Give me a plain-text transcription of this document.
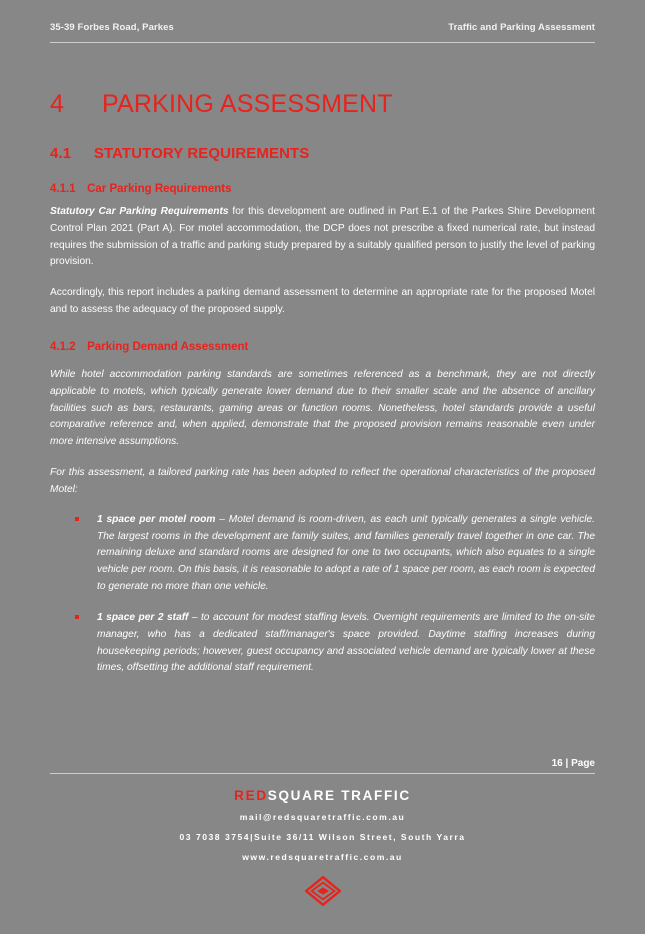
35-39 Forbes Road, Parkes	Traffic and Parking Assessment
4  PARKING ASSESSMENT
4.1  STATUTORY REQUIREMENTS
4.1.1 Car Parking Requirements

Statutory Car Parking Requirements for this development are outlined in Part E.1 of the Parkes Shire Development Control Plan 2021 (Part A). For motel accommodation, the DCP does not prescribe a fixed numerical rate, but instead requires the submission of a traffic and parking study prepared by a suitably qualified person to justify the level of parking provision.

Accordingly, this report includes a parking demand assessment to determine an appropriate rate for the proposed Motel and to assess the adequacy of the proposed supply.

4.1.2 Parking Demand Assessment

While hotel accommodation parking standards are sometimes referenced as a benchmark, they are not directly applicable to motels, which typically generate lower demand due to their smaller scale and the absence of ancillary facilities such as bars, restaurants, gaming areas or function rooms. Nonetheless, hotel standards provide a useful comparative reference and, when applied, demonstrate that the proposed provision remains reasonable even under more intensive assumptions.

For this assessment, a tailored parking rate has been adopted to reflect the operational characteristics of the proposed Motel:

1 space per motel room – Motel demand is room-driven, as each unit typically generates a single vehicle. The largest rooms in the development are family suites, and families generally travel together in one car. The remaining deluxe and standard rooms are designed for one to two occupants, which also equates to a single vehicle per room. On this basis, it is reasonable to adopt a rate of 1 space per room, as each room is expected to generate no more than one vehicle.
1 space per 2 staff – to account for modest staffing levels. Overnight requirements are limited to the on-site manager, who has a dedicated staff/manager's space provided. Daytime staffing increases during housekeeping periods; however, guest occupancy and associated vehicle demand are typically lower at these times, offsetting the additional staff requirement.
16 | Page
REDSQUARE TRAFFIC
mail@redsquaretraffic.com.au
03 7038 3754|Suite 36/11 Wilson Street, South Yarra
www.redsquaretraffic.com.au
